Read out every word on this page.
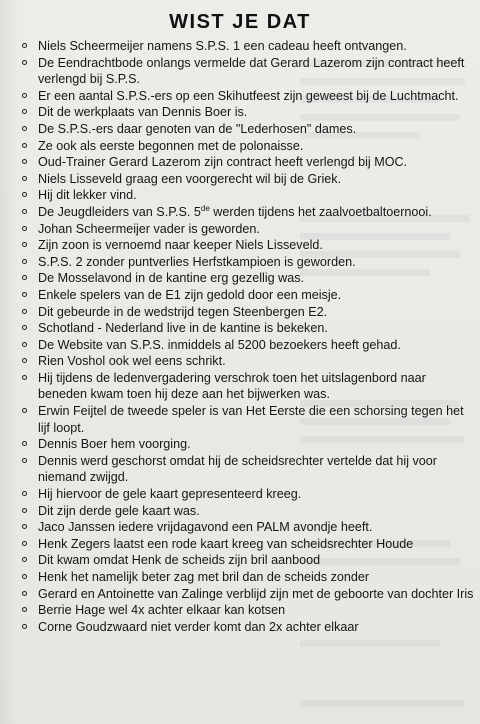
WIST JE DAT
Niels Scheermeijer namens S.P.S. 1 een cadeau heeft ontvangen.
De Eendrachtbode onlangs vermelde dat Gerard Lazerom zijn contract heeft verlengd bij S.P.S.
Er een aantal S.P.S.-ers op een Skihutfeest zijn geweest bij de Luchtmacht.
Dit de werkplaats van Dennis Boer is.
De S.P.S.-ers daar genoten van de "Lederhosen" dames.
Ze ook als eerste begonnen met de polonaisse.
Oud-Trainer Gerard Lazerom zijn contract heeft verlengd bij MOC.
Niels Lisseveld graag een voorgerecht wil bij de Griek.
Hij dit lekker vind.
De Jeugdleiders van S.P.S. 5de werden tijdens het zaalvoetbaltoernooi.
Johan Scheermeijer vader is geworden.
Zijn zoon is vernoemd naar keeper Niels Lisseveld.
S.P.S. 2 zonder puntverlies Herfstkampioen is geworden.
De Mosselavond in de kantine erg gezellig was.
Enkele spelers van de E1 zijn gedold door een meisje.
Dit gebeurde in de wedstrijd tegen Steenbergen E2.
Schotland - Nederland live in de kantine is bekeken.
De Website van S.P.S. inmiddels al 5200 bezoekers heeft gehad.
Rien Voshol ook wel eens schrikt.
Hij tijdens de ledenvergadering verschrok toen het uitslagenbord naar beneden kwam toen hij deze aan het bijwerken was.
Erwin Feijtel de tweede speler is van Het Eerste die een schorsing tegen het lijf loopt.
Dennis Boer hem voorging.
Dennis werd geschorst omdat hij de scheidsrechter vertelde dat hij voor niemand zwijgd.
Hij hiervoor de gele kaart gepresenteerd kreeg.
Dit zijn derde gele kaart was.
Jaco Janssen iedere vrijdagavond een PALM avondje heeft.
Henk Zegers laatst een rode kaart kreeg van scheidsrechter Houde
Dit kwam omdat Henk de scheids zijn bril aanbood
Henk het namelijk beter zag met bril dan de scheids zonder
Gerard en Antoinette van Zalinge verblijd zijn met de geboorte van dochter Iris
Berrie Hage wel 4x achter elkaar kan kotsen
Corne Goudzwaard niet verder komt dan 2x achter elkaar
